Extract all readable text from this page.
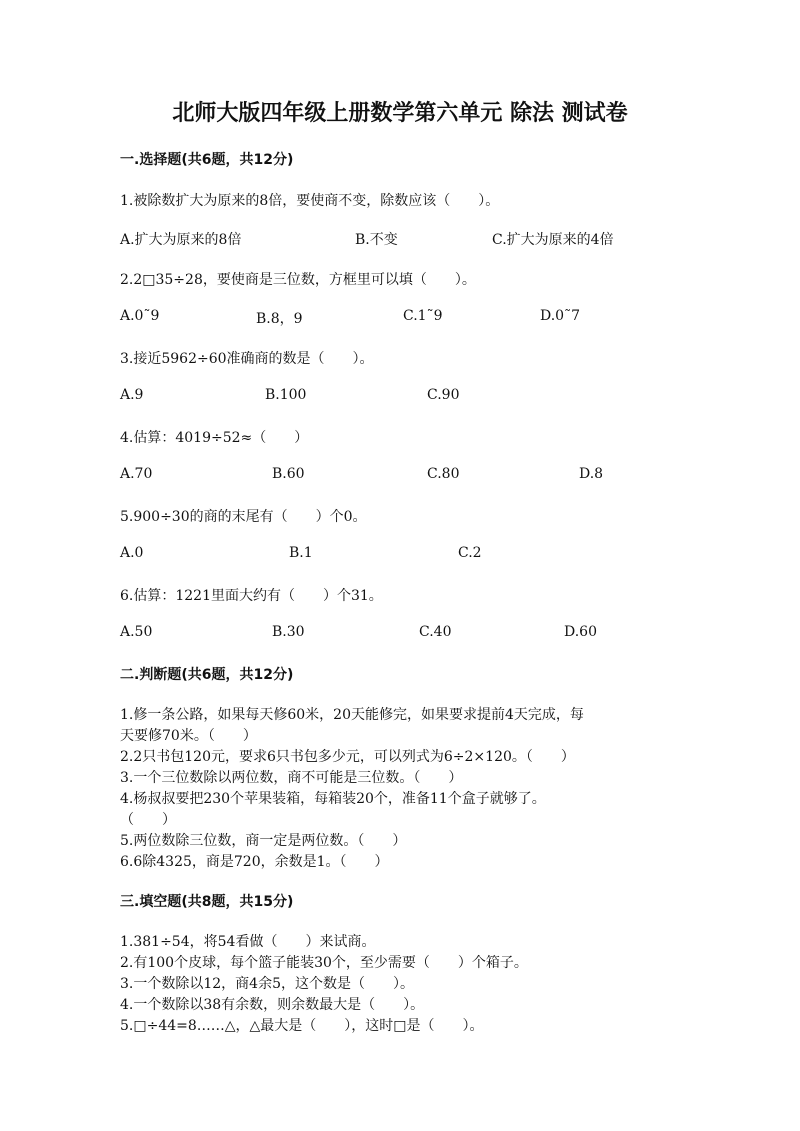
北师大版四年级上册数学第六单元 除法 测试卷
一.选择题(共6题，共12分)
1.被除数扩大为原来的8倍，要使商不变，除数应该（　　）。
A.扩大为原来的8倍	B.不变	C.扩大为原来的4倍
2.2□35÷28，要使商是三位数，方框里可以填（　　）。
A.0˜9	B.8，9	C.1˜9	D.0˜7
3.接近5962÷60准确商的数是（　　）。
A.9	B.100	C.90
4.估算：4019÷52≈（　　）
A.70	B.60	C.80	D.8
5.900÷30的商的末尾有（　　）个0。
A.0	B.1	C.2
6.估算：1221里面大约有（　　）个31。
A.50	B.30	C.40	D.60
二.判断题(共6题，共12分)
1.修一条公路，如果每天修60米，20天能修完，如果要求提前4天完成，每
天要修70米。（　　）
2.2只书包120元，要求6只书包多少元，可以列式为6÷2×120。（　　）
3.一个三位数除以两位数，商不可能是三位数。（　　）
4.杨叔叔要把230个苹果装箱，每箱装20个，准备11个盒子就够了。
（　　）
5.两位数除三位数，商一定是两位数。（　　）
6.6除4325，商是720，余数是1。（　　）
三.填空题(共8题，共15分)
1.381÷54，将54看做（　　）来试商。
2.有100个皮球，每个篮子能装30个，至少需要（　　）个箱子。
3.一个数除以12，商4余5，这个数是（　　）。
4.一个数除以38有余数，则余数最大是（　　）。
5.□÷44=8……△，△最大是（　　），这时□是（　　）。
